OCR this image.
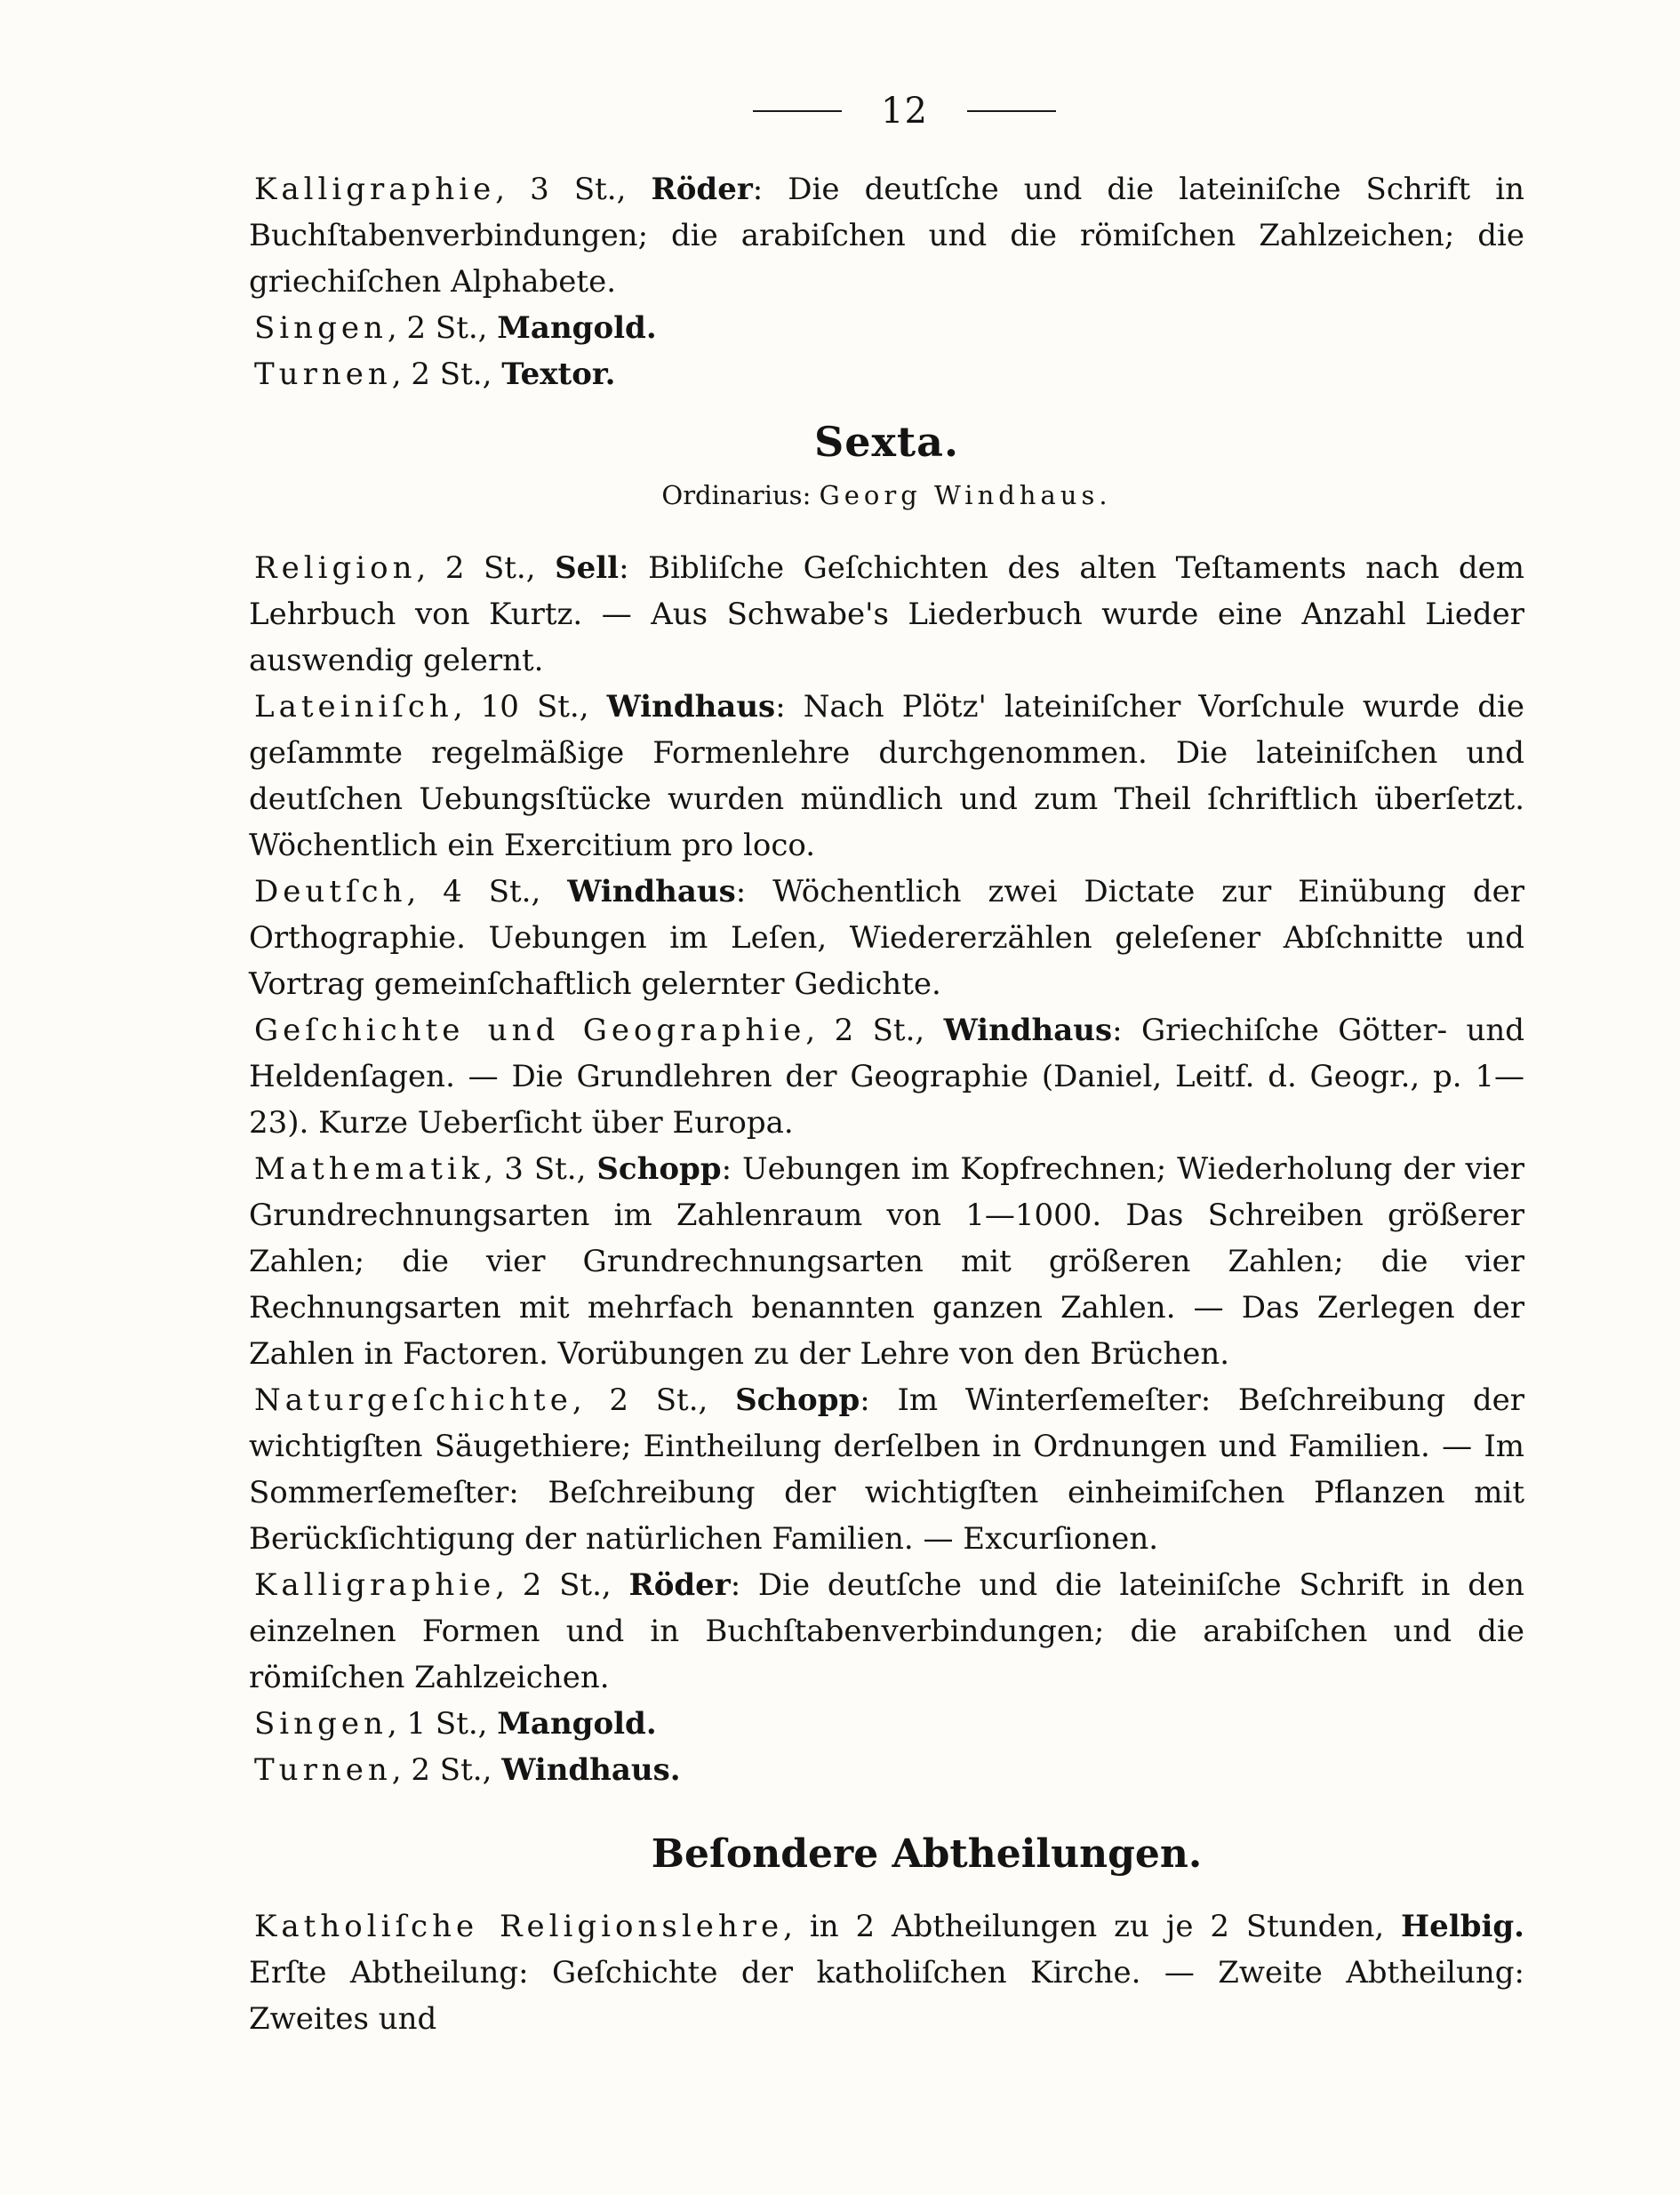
12

Kalligraphie, 3 St., Röder: Die deutſche und die lateiniſche Schrift in Buchſtabenverbindungen; die arabiſchen und die römiſchen Zahlzeichen; die griechiſchen Alphabete.

Singen, 2 St., Mangold.

Turnen, 2 St., Textor.

Sexta.
Ordinarius: Georg Windhaus.

Religion, 2 St., Sell: Bibliſche Geſchichten des alten Teſtaments nach dem Lehrbuch von Kurtz. — Aus Schwabe's Liederbuch wurde eine Anzahl Lieder auswendig gelernt.

Lateiniſch, 10 St., Windhaus: Nach Plötz' lateiniſcher Vorſchule wurde die geſammte regelmäßige Formenlehre durchgenommen. Die lateiniſchen und deutſchen Uebungsſtücke wurden mündlich und zum Theil ſchriftlich überſetzt. Wöchentlich ein Exercitium pro loco.

Deutſch, 4 St., Windhaus: Wöchentlich zwei Dictate zur Einübung der Orthographie. Uebungen im Leſen, Wiedererzählen geleſener Abſchnitte und Vortrag gemeinſchaftlich gelernter Gedichte.

Geſchichte und Geographie, 2 St., Windhaus: Griechiſche Götter- und Heldenſagen. — Die Grundlehren der Geographie (Daniel, Leitf. d. Geogr., p. 1—23). Kurze Ueberſicht über Europa.

Mathematik, 3 St., Schopp: Uebungen im Kopfrechnen; Wiederholung der vier Grundrechnungsarten im Zahlenraum von 1—1000. Das Schreiben größerer Zahlen; die vier Grundrechnungsarten mit größeren Zahlen; die vier Rechnungsarten mit mehrfach benannten ganzen Zahlen. — Das Zerlegen der Zahlen in Factoren. Vorübungen zu der Lehre von den Brüchen.

Naturgeſchichte, 2 St., Schopp: Im Winterſemeſter: Beſchreibung der wichtigſten Säugethiere; Eintheilung derſelben in Ordnungen und Familien. — Im Sommerſemeſter: Beſchreibung der wichtigſten einheimiſchen Pflanzen mit Berückſichtigung der natürlichen Familien. — Excurſionen.

Kalligraphie, 2 St., Röder: Die deutſche und die lateiniſche Schrift in den einzelnen Formen und in Buchſtabenverbindungen; die arabiſchen und die römiſchen Zahlzeichen.

Singen, 1 St., Mangold.

Turnen, 2 St., Windhaus.

Beſondere Abtheilungen.

Katholiſche Religionslehre, in 2 Abtheilungen zu je 2 Stunden, Helbig. Erſte Abtheilung: Geſchichte der katholiſchen Kirche. — Zweite Abtheilung: Zweites und
